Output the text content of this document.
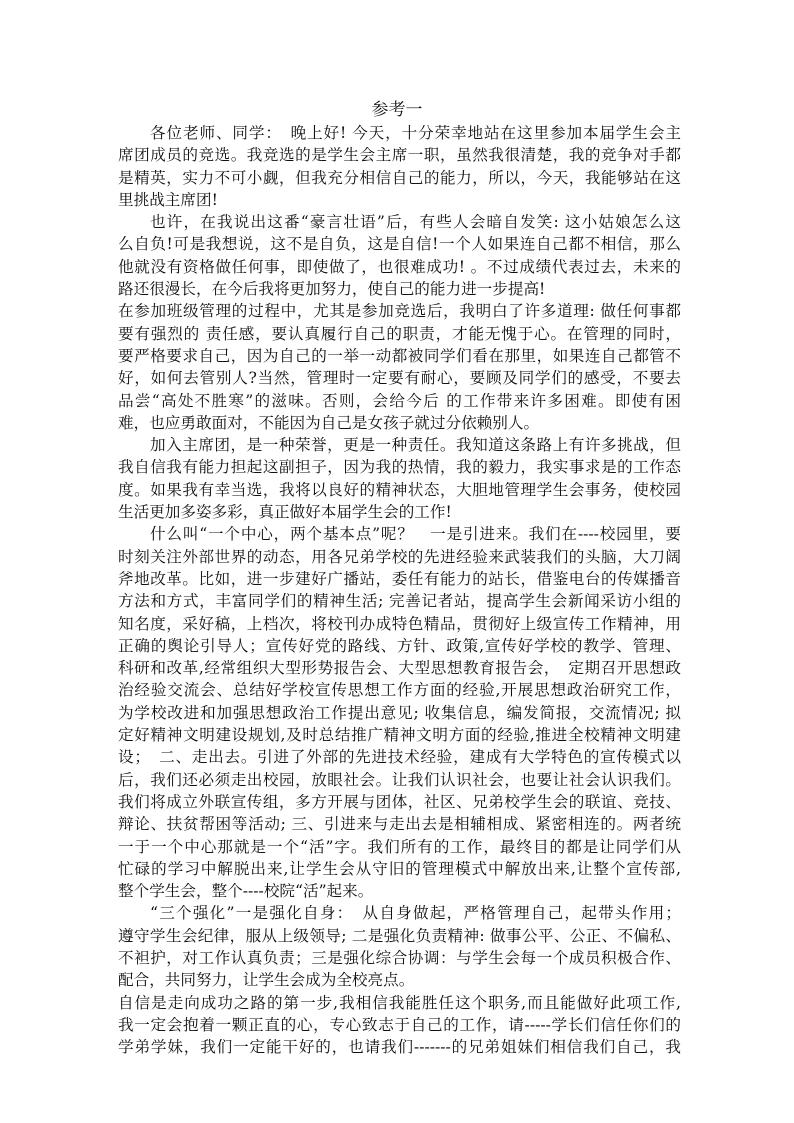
参考一
各位老师、同学：　晚上好! 今天，十分荣幸地站在这里参加本届学生会主
席团成员的竞选。我竞选的是学生会主席一职，虽然我很清楚，我的竞争对手都
是精英，实力不可小觑，但我充分相信自己的能力，所以，今天，我能够站在这
里挑战主席团!
也许，在我说出这番“豪言壮语”后，有些人会暗自发笑: 这小姑娘怎么这
么自负!可是我想说，这不是自负，这是自信!一个人如果连自己都不相信，那么
他就没有资格做任何事，即使做了，也很难成功! 。不过成绩代表过去，未来的
路还很漫长，在今后我将更加努力，使自己的能力进一步提高!
在参加班级管理的过程中，尤其是参加竞选后，我明白了许多道理: 做任何事都
要有强烈的 责任感，要认真履行自己的职责，才能无愧于心。在管理的同时，
要严格要求自己，因为自己的一举一动都被同学们看在那里，如果连自己都管不
好，如何去管别人?当然，管理时一定要有耐心，要顾及同学们的感受，不要去
品尝“高处不胜寒”的滋味。否则，会给今后 的工作带来许多困难。即使有困
难，也应勇敢面对，不能因为自己是女孩子就过分依赖别人。
加入主席团，是一种荣誉，更是一种责任。我知道这条路上有许多挑战，但
我自信我有能力担起这副担子，因为我的热情，我的毅力，我实事求是的工作态
度。如果我有幸当选，我将以良好的精神状态，大胆地管理学生会事务，使校园
生活更加多姿多彩，真正做好本届学生会的工作!
什么叫“一个中心，两个基本点”呢？　一是引进来。我们在----校园里，要
时刻关注外部世界的动态，用各兄弟学校的先进经验来武装我们的头脑，大刀阔
斧地改革。比如，进一步建好广播站，委任有能力的站长，借鉴电台的传媒播音
方法和方式，丰富同学们的精神生活; 完善记者站，提高学生会新闻采访小组的
知名度，采好稿，上档次，将校刊办成特色精品，贯彻好上级宣传工作精神，用
正确的舆论引导人；宣传好党的路线、方针、政策,宣传好学校的教学、管理、
科研和改革,经常组织大型形势报告会、大型思想教育报告会，　定期召开思想政
治经验交流会、总结好学校宣传思想工作方面的经验,开展思想政治研究工作，
为学校改进和加强思想政治工作提出意见; 收集信息，编发简报，交流情况; 拟
定好精神文明建设规划,及时总结推广精神文明方面的经验,推进全校精神文明建
设；　二、走出去。引进了外部的先进技术经验，建成有大学特色的宣传模式以
后，我们还必须走出校园，放眼社会。让我们认识社会，也要让社会认识我们。
我们将成立外联宣传组，多方开展与团体，社区、兄弟校学生会的联谊、竞技、
辩论、扶贫帮困等活动; 三、引进来与走出去是相辅相成、紧密相连的。两者统
一于一个中心那就是一个“活”字。我们所有的工作，最终目的都是让同学们从
忙碌的学习中解脱出来,让学生会从守旧的管理模式中解放出来,让整个宣传部,
整个学生会，整个----校院“活”起来。
“三个强化”一是强化自身：　从自身做起，严格管理自己，起带头作用；
遵守学生会纪律，服从上级领导; 二是强化负责精神: 做事公平、公正、不偏私、
不袒护，对工作认真负责；三是强化综合协调：与学生会每一个成员积极合作、
配合，共同努力，让学生会成为全校亮点。
自信是走向成功之路的第一步,我相信我能胜任这个职务,而且能做好此项工作,
我一定会抱着一颗正直的心，专心致志于自己的工作，请-----学长们信任你们的
学弟学妹，我们一定能干好的，也请我们-------的兄弟姐妹们相信我们自己，我
